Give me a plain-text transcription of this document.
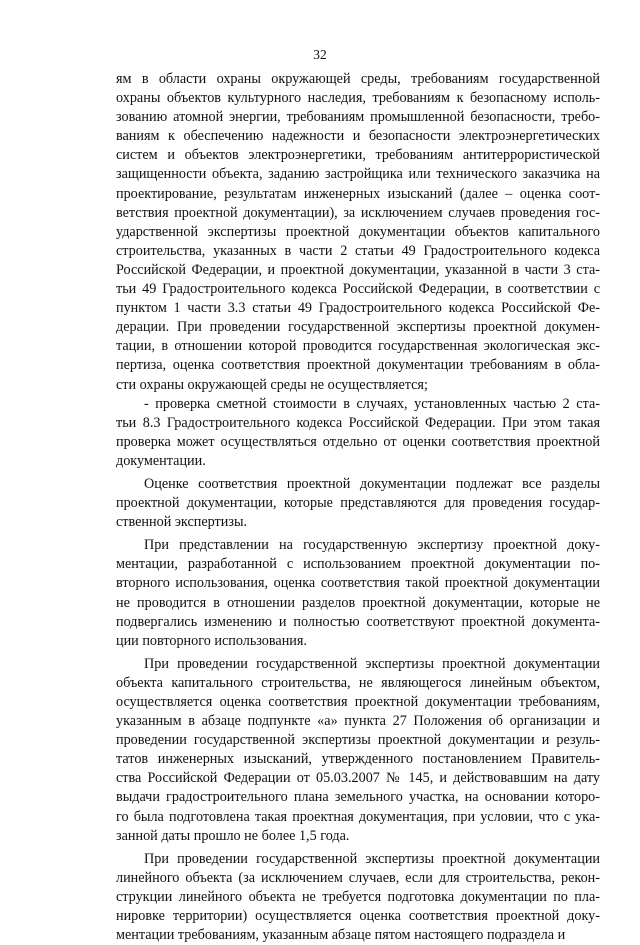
32
ям в области охраны окружающей среды, требованиям государственной
охраны объектов культурного наследия, требованиям к безопасному исполь-
зованию атомной энергии, требованиям промышленной безопасности, требо-
ваниям к обеспечению надежности и безопасности электроэнергетических
систем и объектов электроэнергетики, требованиям антитеррористической
защищенности объекта, заданию застройщика или технического заказчика на
проектирование, результатам инженерных изысканий (далее – оценка соот-
ветствия проектной документации), за исключением случаев проведения гос-
ударственной экспертизы проектной документации объектов капитального
строительства, указанных в части 2 статьи 49 Градостроительного кодекса
Российской Федерации, и проектной документации, указанной в части 3 ста-
тьи 49 Градостроительного кодекса Российской Федерации, в соответствии с
пунктом 1 части 3.3 статьи 49 Градостроительного кодекса Российской Фе-
дерации. При проведении государственной экспертизы проектной докумен-
тации, в отношении которой проводится государственная экологическая экс-
пертиза, оценка соответствия проектной документации требованиям в обла-
сти охраны окружающей среды не осуществляется;
- проверка сметной стоимости в случаях, установленных частью 2 ста-
тьи 8.3 Градостроительного кодекса Российской Федерации. При этом такая
проверка может осуществляться отдельно от оценки соответствия проектной
документации.
Оценке соответствия проектной документации подлежат все разделы
проектной документации, которые представляются для проведения государ-
ственной экспертизы.
При представлении на государственную экспертизу проектной доку-
ментации, разработанной с использованием проектной документации по-
вторного использования, оценка соответствия такой проектной документации
не проводится в отношении разделов проектной документации, которые не
подвергались изменению и полностью соответствуют проектной документа-
ции повторного использования.
При проведении государственной экспертизы проектной документации
объекта капитального строительства, не являющегося линейным объектом,
осуществляется оценка соответствия проектной документации требованиям,
указанным в абзаце подпункте «а» пункта 27 Положения об организации и
проведении государственной экспертизы проектной документации и резуль-
татов инженерных изысканий, утвержденного постановлением Правитель-
ства Российской Федерации от 05.03.2007 № 145, и действовавшим на дату
выдачи градостроительного плана земельного участка, на основании которо-
го была подготовлена такая проектная документация, при условии, что с ука-
занной даты прошло не более 1,5 года.
При проведении государственной экспертизы проектной документации
линейного объекта (за исключением случаев, если для строительства, рекон-
струкции линейного объекта не требуется подготовка документации по пла-
нировке территории) осуществляется оценка соответствия проектной доку-
ментации требованиям, указанным абзаце пятом настоящего подраздела и
